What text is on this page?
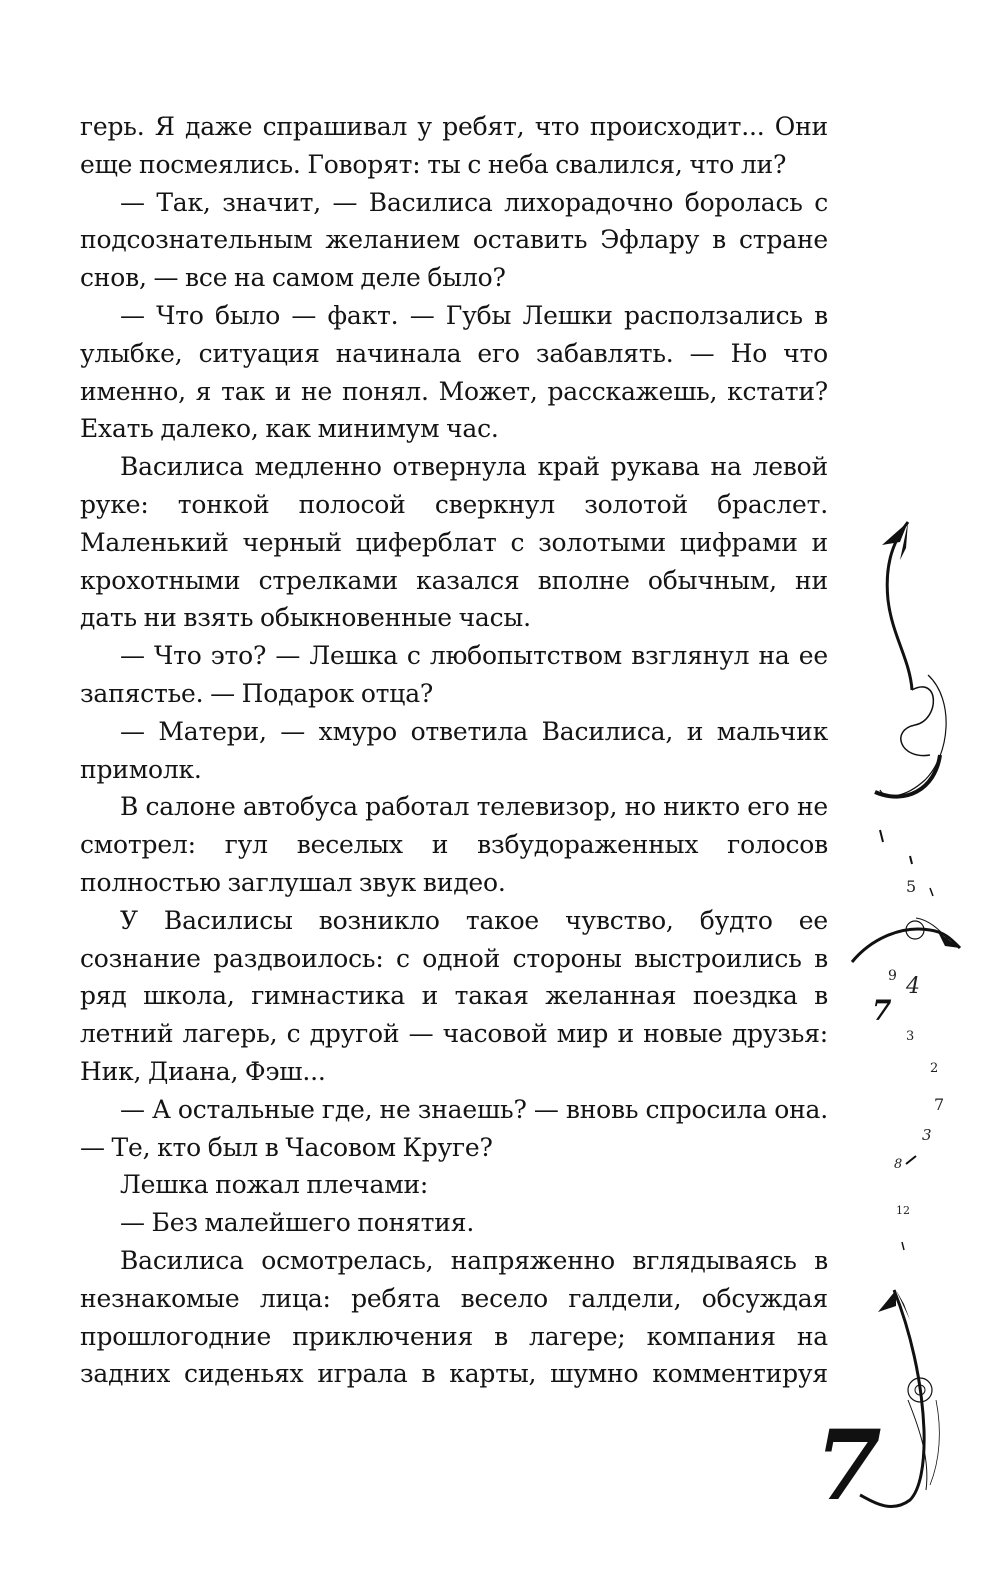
герь. Я даже спрашивал у ребят, что происходит... Они еще посмеялись. Говорят: ты с неба свалился, что ли?

— Так, значит, — Василиса лихорадочно боролась с подсознательным желанием оставить Эфлару в стране снов, — все на самом деле было?

— Что было — факт. — Губы Лешки расползались в улыбке, ситуация начинала его забавлять. — Но что именно, я так и не понял. Может, расскажешь, кстати? Ехать далеко, как минимум час.

Василиса медленно отвернула край рукава на левой руке: тонкой полосой сверкнул золотой браслет. Маленький черный циферблат с золотыми цифрами и крохотными стрелками казался вполне обычным, ни дать ни взять обыкновенные часы.

— Что это? — Лешка с любопытством взглянул на ее запястье. — Подарок отца?

— Матери, — хмуро ответила Василиса, и мальчик примолк.

В салоне автобуса работал телевизор, но никто его не смотрел: гул веселых и взбудораженных голосов полностью заглушал звук видео.

У Василисы возникло такое чувство, будто ее сознание раздвоилось: с одной стороны выстроились в ряд школа, гимнастика и такая желанная поездка в летний лагерь, с другой — часовой мир и новые друзья: Ник, Диана, Фэш...

— А остальные где, не знаешь? — вновь спросила она. — Те, кто был в Часовом Круге?

Лешка пожал плечами:

— Без малейшего понятия.

Василиса осмотрелась, напряженно вглядываясь в незнакомые лица: ребята весело галдели, обсуждая прошлогодние приключения в лагере; компания на задних сиденьях играла в карты, шумно комментируя

5
9 4
7
3
2
7
3
8
12
7
